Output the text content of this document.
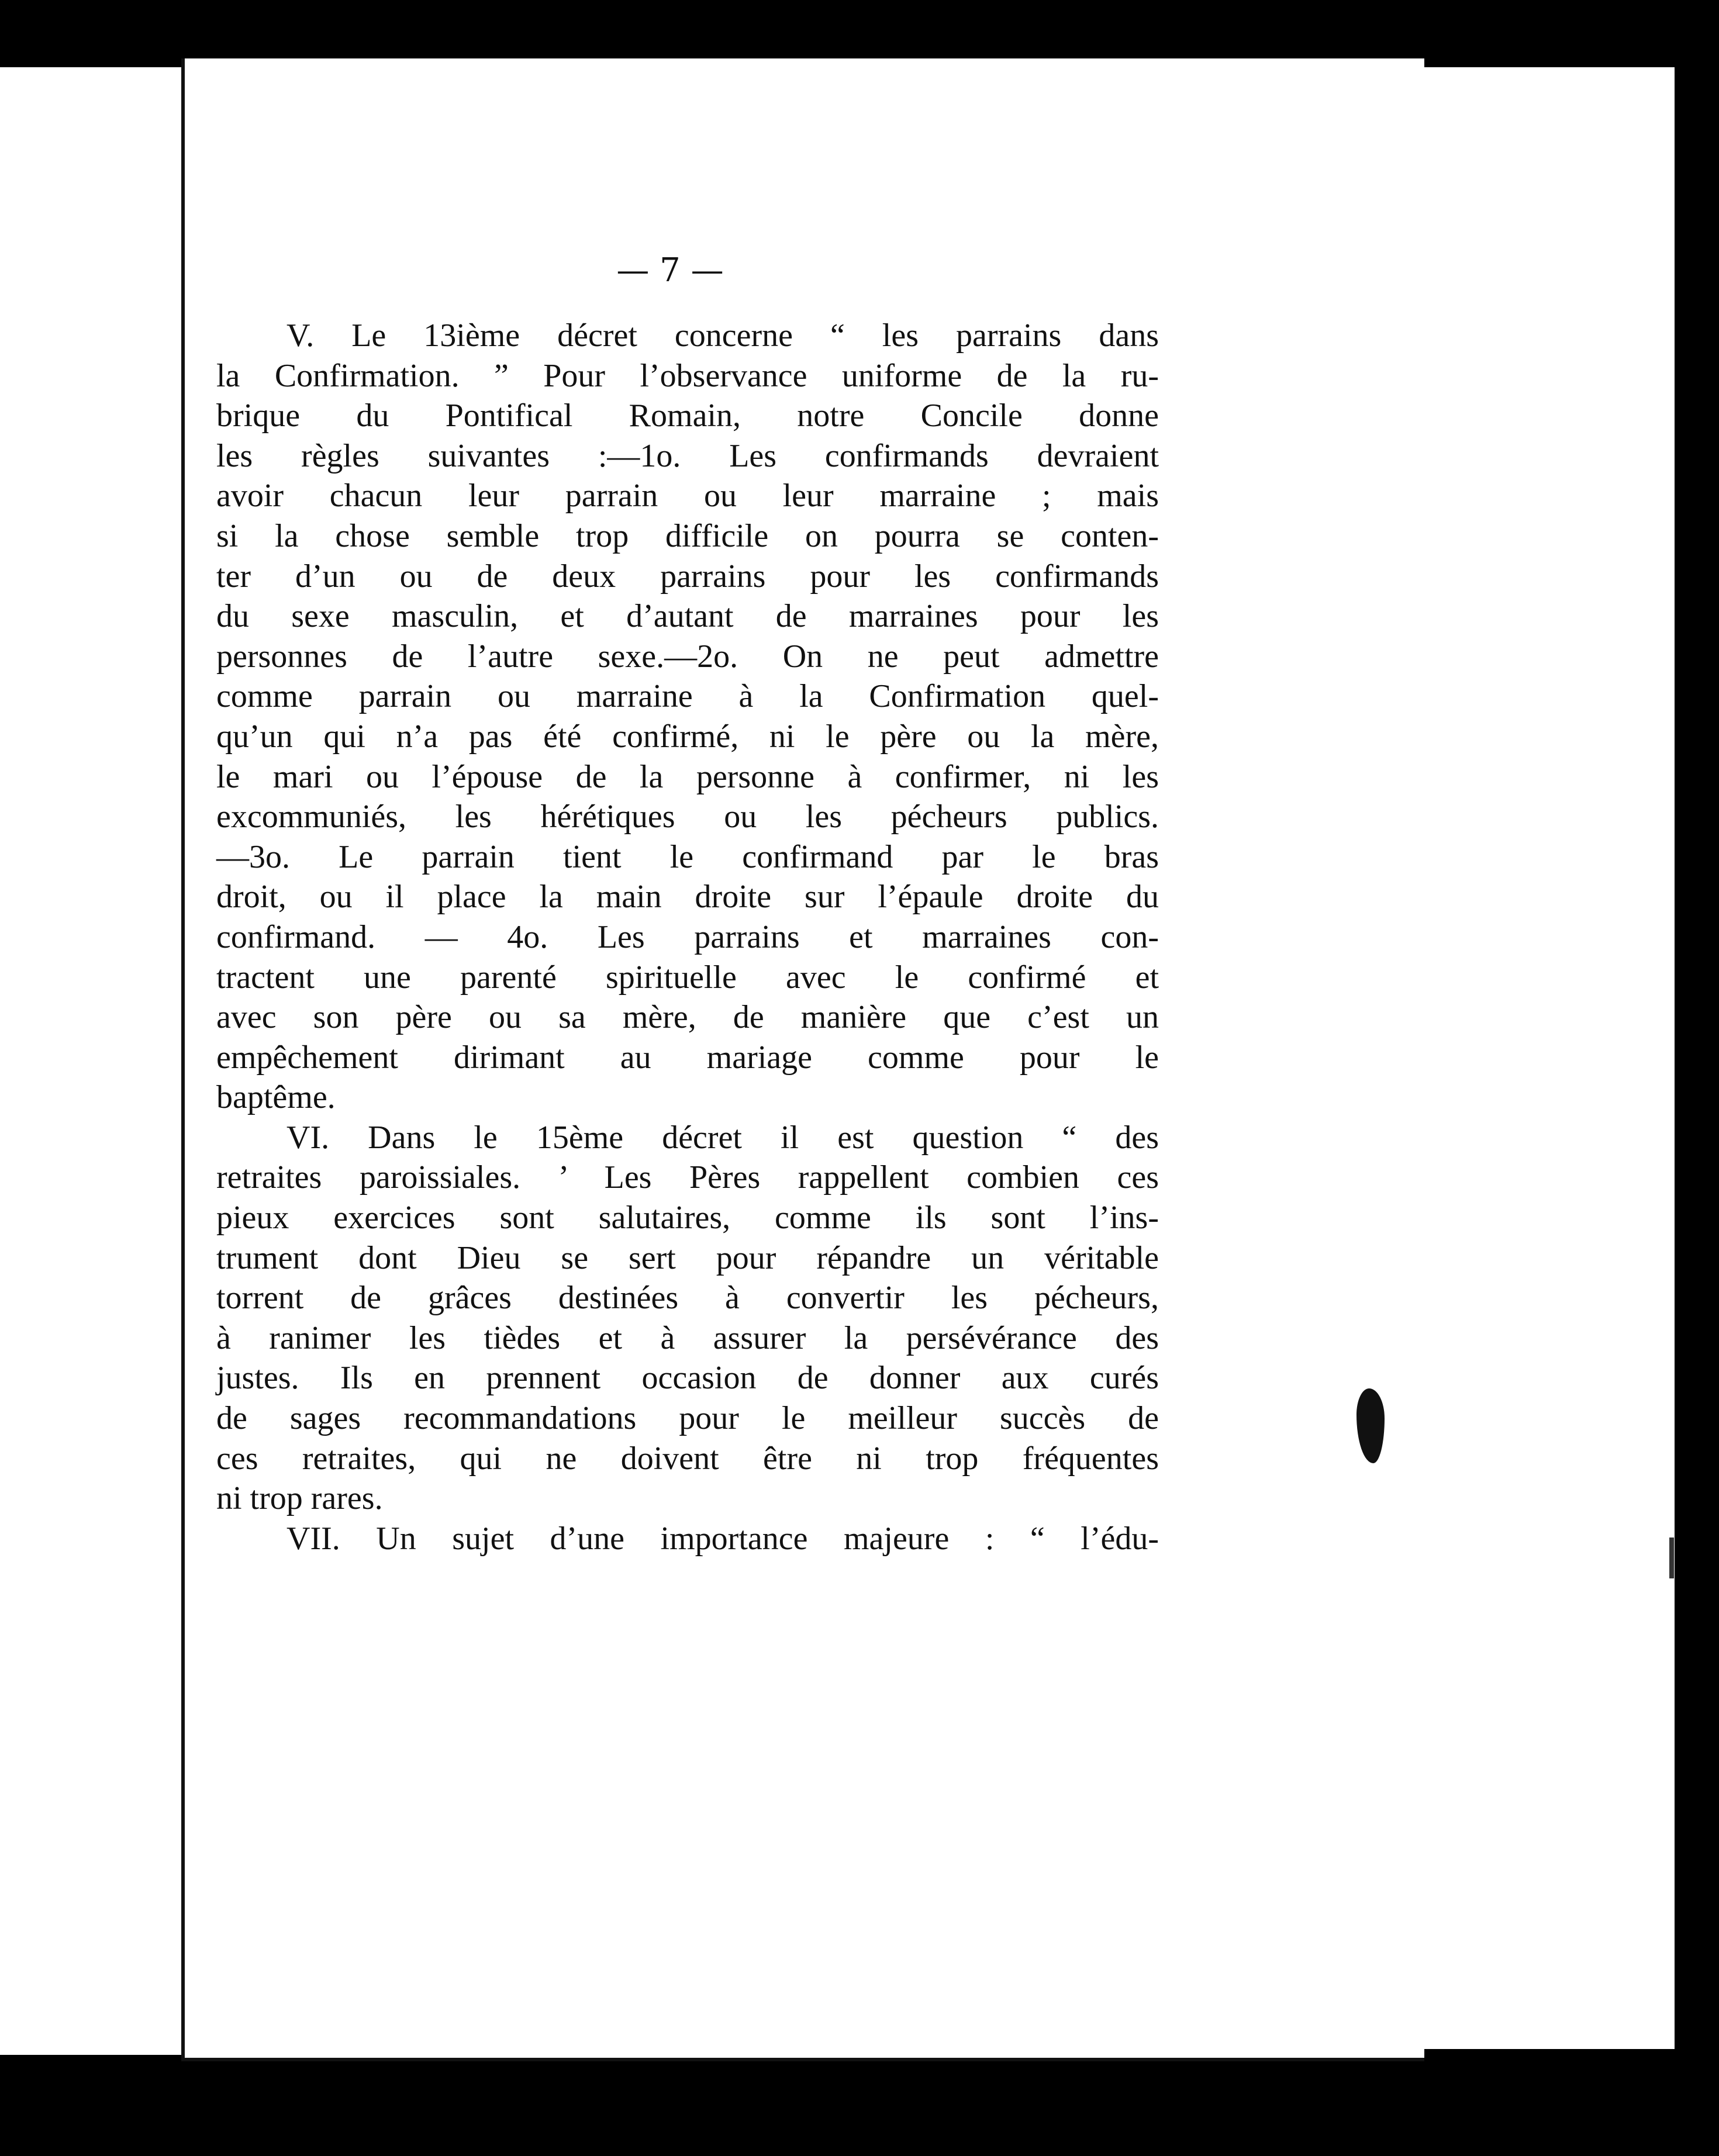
— 7 —
V. Le 13ième décret concerne “ les parrains dans
la Confirmation. ” Pour l’observance uniforme de la ru-
brique du Pontifical Romain, notre Concile donne
les règles suivantes :—1o. Les confirmands devraient
avoir chacun leur parrain ou leur marraine ; mais
si la chose semble trop difficile on pourra se conten-
ter d’un ou de deux parrains pour les confirmands
du sexe masculin, et d’autant de marraines pour les
personnes de l’autre sexe.—2o. On ne peut admettre
comme parrain ou marraine à la Confirmation quel-
qu’un qui n’a pas été confirmé, ni le père ou la mère,
le mari ou l’épouse de la personne à confirmer, ni les
excommuniés, les hérétiques ou les pécheurs publics.
—3o. Le parrain tient le confirmand par le bras
droit, ou il place la main droite sur l’épaule droite du
confirmand. — 4o. Les parrains et marraines con-
tractent une parenté spirituelle avec le confirmé et
avec son père ou sa mère, de manière que c’est un
empêchement dirimant au mariage comme pour le
baptême.
VI. Dans le 15ème décret il est question “ des
retraites paroissiales. ’ Les Pères rappellent combien ces
pieux exercices sont salutaires, comme ils sont l’ins-
trument dont Dieu se sert pour répandre un véritable
torrent de grâces destinées à convertir les pécheurs,
à ranimer les tièdes et à assurer la persévérance des
justes. Ils en prennent occasion de donner aux curés
de sages recommandations pour le meilleur succès de
ces retraites, qui ne doivent être ni trop fréquentes
ni trop rares.
VII. Un sujet d’une importance majeure : “ l’édu-
